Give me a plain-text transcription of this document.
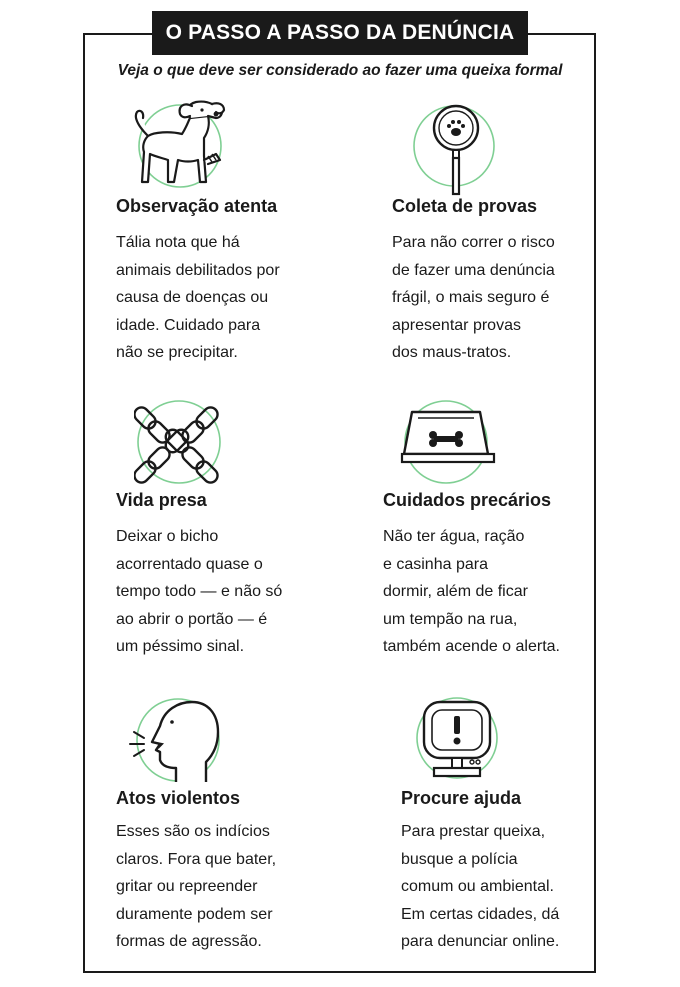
O PASSO A PASSO DA DENÚNCIA
Veja o que deve ser considerado ao fazer uma queixa formal
Observação atenta
Tália nota que há
animais debilitados por
causa de doenças ou
idade. Cuidado para
não se precipitar.
Coleta de provas
Para não correr o risco
de fazer uma denúncia
frágil, o mais seguro é
apresentar provas
dos maus-tratos.
Vida presa
Deixar o bicho
acorrentado quase o
tempo todo — e não só
ao abrir o portão — é
um péssimo sinal.
Cuidados precários
Não ter água, ração
e casinha para
dormir, além de ficar
um tempão na rua,
também acende o alerta.
Atos violentos
Esses são os indícios
claros. Fora que bater,
gritar ou repreender
duramente podem ser
formas de agressão.
Procure ajuda
Para prestar queixa,
busque a polícia
comum ou ambiental.
Em certas cidades, dá
para denunciar online.
